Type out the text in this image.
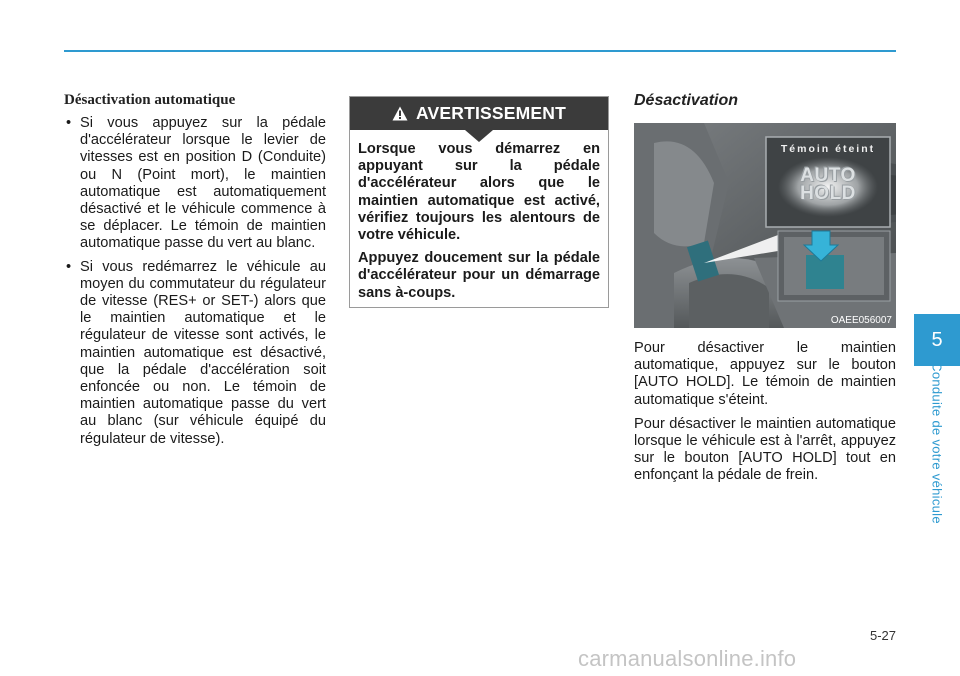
Désactivation automatique
• Si vous appuyez sur la pédale d'accélérateur lorsque le levier de vitesses est en position D (Conduite) ou N (Point mort), le maintien automatique est automatiquement désactivé et le véhicule commence à se déplacer. Le témoin de maintien automatique passe du vert au blanc.
• Si vous redémarrez le véhicule au moyen du commutateur du régulateur de vitesse (RES+ or SET-) alors que le maintien automatique et le régulateur de vitesse sont activés, le maintien automatique est désactivé, que la pédale d'accélération soit enfoncée ou non. Le témoin de maintien automatique passe du vert au blanc (sur véhicule équipé du régulateur de vitesse).
AVERTISSEMENT

Lorsque vous démarrez en appuyant sur la pédale d'accélérateur alors que le maintien automatique est activé, vérifiez toujours les alentours de votre véhicule.

Appuyez doucement sur la pédale d'accélérateur pour un démarrage sans à-coups.

Désactivation
Témoin éteint
AUTO
HOLD
OAEE056007

Pour désactiver le maintien automatique, appuyez sur le bouton [AUTO HOLD]. Le témoin de maintien automatique s'éteint.

Pour désactiver le maintien automatique lorsque le véhicule est à l'arrêt, appuyez sur le bouton [AUTO HOLD] tout en enfonçant la pédale de frein.

5
Conduite de votre véhicule
5-27
carmanualsonline.info
